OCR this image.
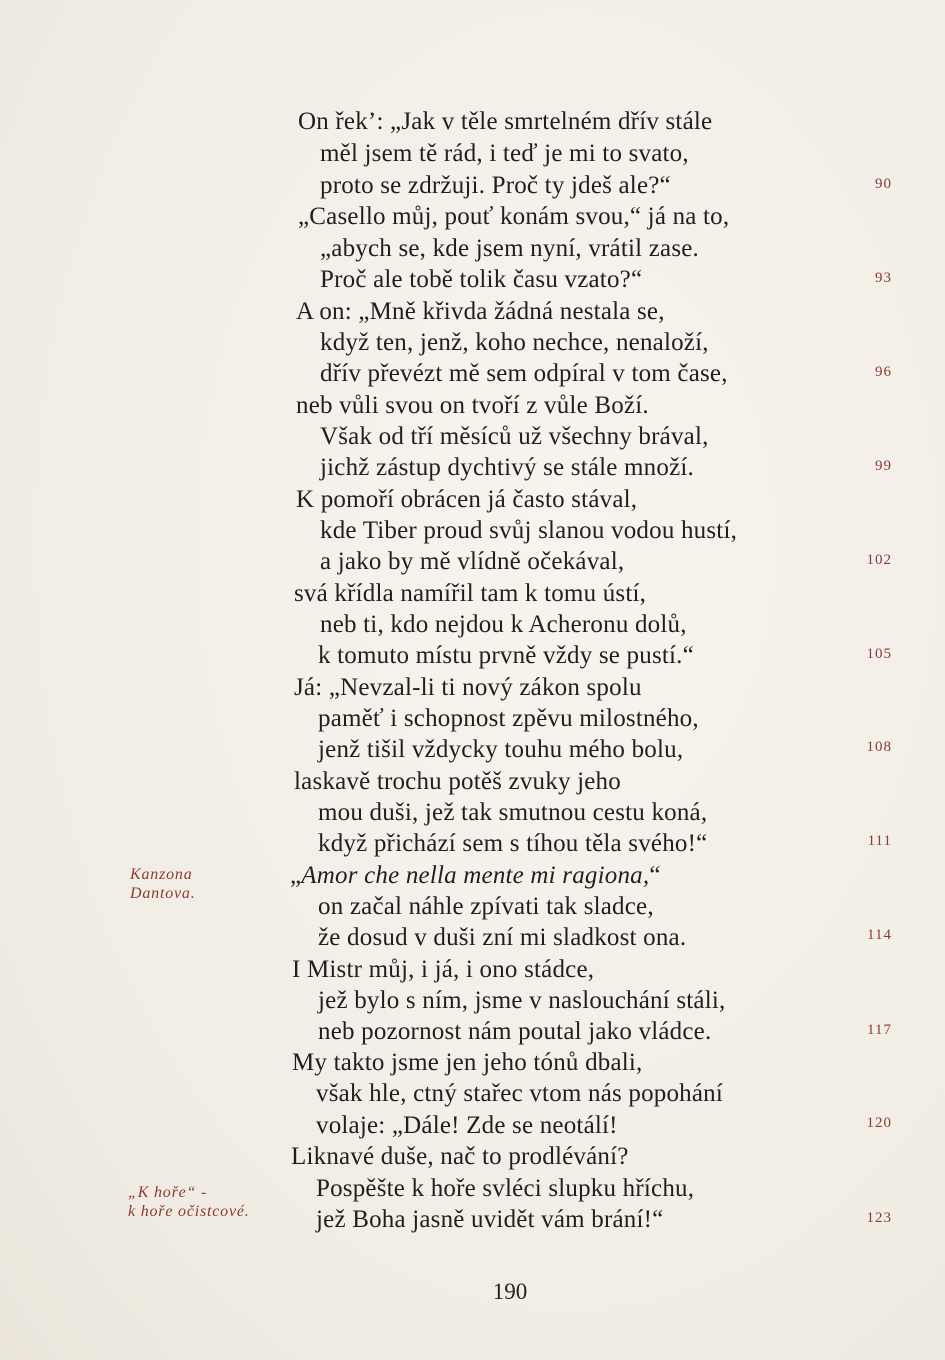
On řek’: „Jak v těle smrtelném dřív stále
měl jsem tě rád, i teď je mi to svato,
proto se zdržuji. Proč ty jdeš ale?“
„Casello můj, pouť konám svou,“ já na to,
„abych se, kde jsem nyní, vrátil zase.
Proč ale tobě tolik času vzato?“
A on: „Mně křivda žádná nestala se,
když ten, jenž, koho nechce, nenaloží,
dřív převézt mě sem odpíral v tom čase,
neb vůli svou on tvoří z vůle Boží.
Však od tří měsíců už všechny brával,
jichž zástup dychtivý se stále množí.
K pomoří obrácen já často stával,
kde Tiber proud svůj slanou vodou hustí,
a jako by mě vlídně očekával,
svá křídla namířil tam k tomu ústí,
neb ti, kdo nejdou k Acheronu dolů,
k tomuto místu prvně vždy se pustí.“
Já: „Nevzal-li ti nový zákon spolu
paměť i schopnost zpěvu milostného,
jenž tišil vždycky touhu mého bolu,
laskavě trochu potěš zvuky jeho
mou duši, jež tak smutnou cestu koná,
když přichází sem s tíhou těla svého!“
„Amor che nella mente mi ragiona,“
on začal náhle zpívati tak sladce,
že dosud v duši zní mi sladkost ona.
I Mistr můj, i já, i ono stádce,
jež bylo s ním, jsme v naslouchání stáli,
neb pozornost nám poutal jako vládce.
My takto jsme jen jeho tónů dbali,
však hle, ctný stařec vtom nás popohání
volaje: „Dále! Zde se neotálí!
Liknavé duše, nač to prodlévání?
Pospěšte k hoře svléci slupku hříchu,
jež Boha jasně uvidět vám brání!“
90
93
96
99
102
105
108
111
114
117
120
123
Kanzona
Dantova.
„K hoře“ -
k hoře očistcové.
190
